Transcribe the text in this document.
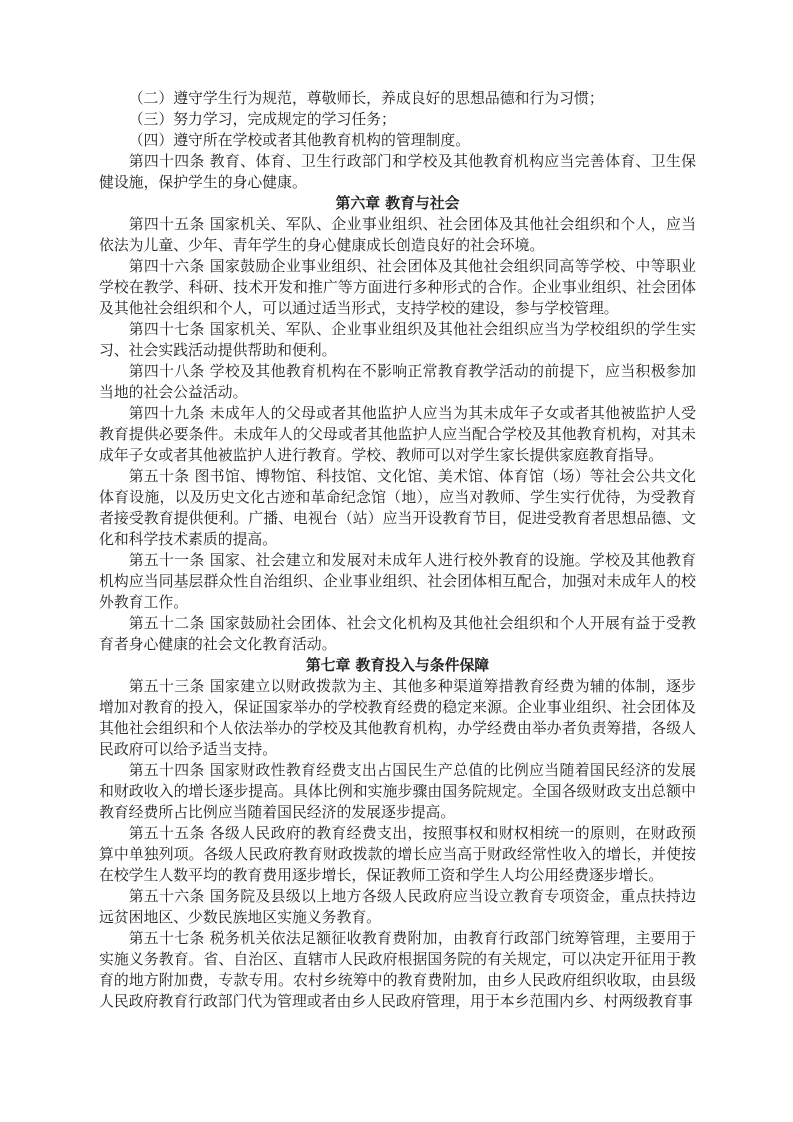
（二）遵守学生行为规范，尊敬师长，养成良好的思想品德和行为习惯；

（三）努力学习，完成规定的学习任务；

（四）遵守所在学校或者其他教育机构的管理制度。

第四十四条 教育、体育、卫生行政部门和学校及其他教育机构应当完善体育、卫生保健设施，保护学生的身心健康。

第六章 教育与社会

第四十五条 国家机关、军队、企业事业组织、社会团体及其他社会组织和个人，应当依法为儿童、少年、青年学生的身心健康成长创造良好的社会环境。

第四十六条 国家鼓励企业事业组织、社会团体及其他社会组织同高等学校、中等职业学校在教学、科研、技术开发和推广等方面进行多种形式的合作。企业事业组织、社会团体及其他社会组织和个人，可以通过适当形式，支持学校的建设，参与学校管理。

第四十七条 国家机关、军队、企业事业组织及其他社会组织应当为学校组织的学生实习、社会实践活动提供帮助和便利。

第四十八条 学校及其他教育机构在不影响正常教育教学活动的前提下，应当积极参加当地的社会公益活动。

第四十九条 未成年人的父母或者其他监护人应当为其未成年子女或者其他被监护人受教育提供必要条件。未成年人的父母或者其他监护人应当配合学校及其他教育机构，对其未成年子女或者其他被监护人进行教育。学校、教师可以对学生家长提供家庭教育指导。

第五十条 图书馆、博物馆、科技馆、文化馆、美术馆、体育馆（场）等社会公共文化体育设施，以及历史文化古迹和革命纪念馆（地），应当对教师、学生实行优待，为受教育者接受教育提供便利。广播、电视台（站）应当开设教育节目，促进受教育者思想品德、文化和科学技术素质的提高。

第五十一条 国家、社会建立和发展对未成年人进行校外教育的设施。学校及其他教育机构应当同基层群众性自治组织、企业事业组织、社会团体相互配合，加强对未成年人的校外教育工作。

第五十二条 国家鼓励社会团体、社会文化机构及其他社会组织和个人开展有益于受教育者身心健康的社会文化教育活动。

第七章 教育投入与条件保障

第五十三条 国家建立以财政拨款为主、其他多种渠道筹措教育经费为辅的体制，逐步增加对教育的投入，保证国家举办的学校教育经费的稳定来源。企业事业组织、社会团体及其他社会组织和个人依法举办的学校及其他教育机构，办学经费由举办者负责筹措，各级人民政府可以给予适当支持。

第五十四条 国家财政性教育经费支出占国民生产总值的比例应当随着国民经济的发展和财政收入的增长逐步提高。具体比例和实施步骤由国务院规定。全国各级财政支出总额中教育经费所占比例应当随着国民经济的发展逐步提高。

第五十五条 各级人民政府的教育经费支出，按照事权和财权相统一的原则，在财政预算中单独列项。各级人民政府教育财政拨款的增长应当高于财政经常性收入的增长，并使按在校学生人数平均的教育费用逐步增长，保证教师工资和学生人均公用经费逐步增长。

第五十六条 国务院及县级以上地方各级人民政府应当设立教育专项资金，重点扶持边远贫困地区、少数民族地区实施义务教育。

第五十七条 税务机关依法足额征收教育费附加，由教育行政部门统筹管理，主要用于实施义务教育。省、自治区、直辖市人民政府根据国务院的有关规定，可以决定开征用于教育的地方附加费，专款专用。农村乡统筹中的教育费附加，由乡人民政府组织收取，由县级人民政府教育行政部门代为管理或者由乡人民政府管理，用于本乡范围内乡、村两级教育事
